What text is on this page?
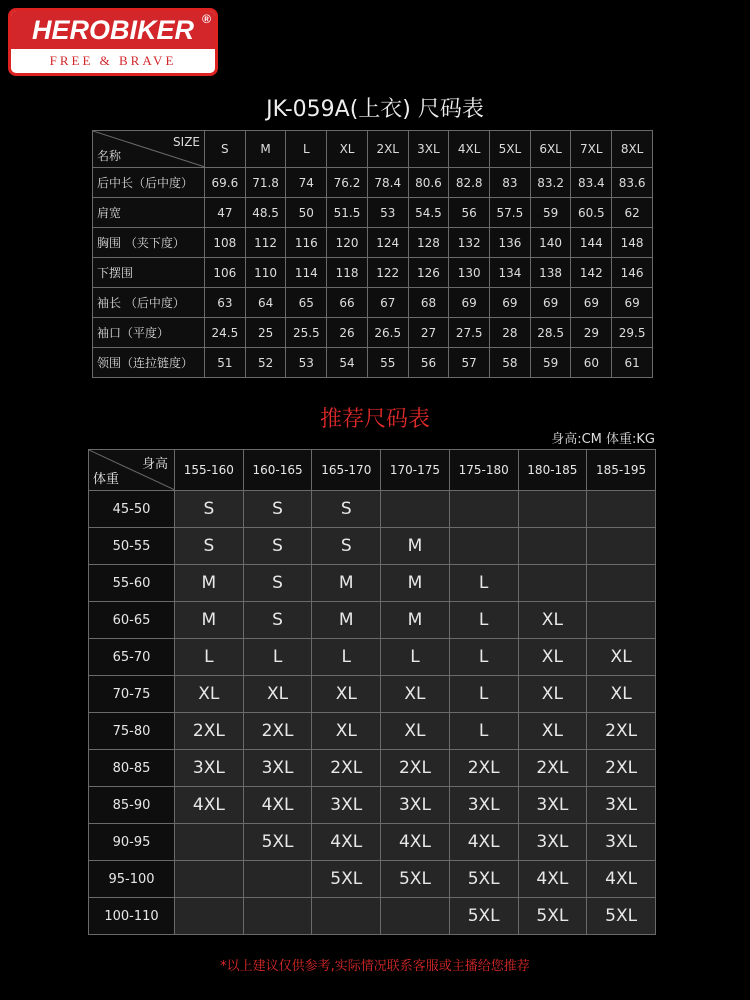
HEROBIKER ®
FREE & BRAVE
JK-059A(上衣) 尺码表
SIZE
名称	S	M	L	XL	2XL	3XL	4XL	5XL	6XL	7XL	8XL
后中长（后中度）	69.6	71.8	74	76.2	78.4	80.6	82.8	83	83.2	83.4	83.6
肩宽	47	48.5	50	51.5	53	54.5	56	57.5	59	60.5	62
胸围 （夹下度）	108	112	116	120	124	128	132	136	140	144	148
下摆围	106	110	114	118	122	126	130	134	138	142	146
袖长 （后中度）	63	64	65	66	67	68	69	69	69	69	69
袖口（平度）	24.5	25	25.5	26	26.5	27	27.5	28	28.5	29	29.5
领围（连拉链度）	51	52	53	54	55	56	57	58	59	60	61
推荐尺码表
身高:CM 体重:KG
身高
体重	155-160	160-165	165-170	170-175	175-180	180-185	185-195
45-50	S	S	S				
50-55	S	S	S	M			
55-60	M	S	M	M	L		
60-65	M	S	M	M	L	XL	
65-70	L	L	L	L	L	XL	XL
70-75	XL	XL	XL	XL	L	XL	XL
75-80	2XL	2XL	XL	XL	L	XL	2XL
80-85	3XL	3XL	2XL	2XL	2XL	2XL	2XL
85-90	4XL	4XL	3XL	3XL	3XL	3XL	3XL
90-95		5XL	4XL	4XL	4XL	3XL	3XL
95-100			5XL	5XL	5XL	4XL	4XL
100-110					5XL	5XL	5XL
*以上建议仅供参考,实际情况联系客服或主播给您推荐
